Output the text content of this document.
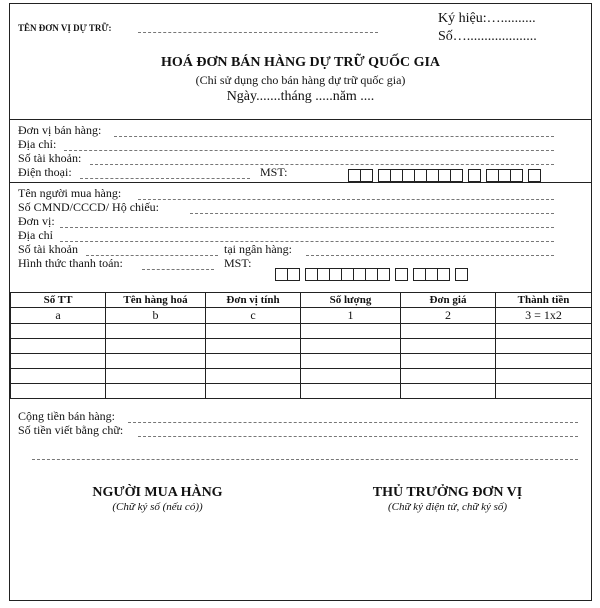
TÊN ĐƠN VỊ DỰ TRỮ:
Ký hiệu:…..........
Số…....................
HOÁ ĐƠN BÁN HÀNG DỰ TRỮ QUỐC GIA
(Chỉ sử dụng cho bán hàng dự trữ quốc gia)
Ngày.......tháng .....năm ....
Đơn vị bán hàng:
Địa chỉ:
Số tài khoản:
Điện thoại:	MST:
Tên người mua hàng:
Số CMND/CCCD/ Hộ chiếu:
Đơn vị:
Địa chỉ
Số tài khoản	tại ngân hàng:
Hình thức thanh toán:	MST:
Số TT	Tên hàng hoá	Đơn vị tính	Số lượng	Đơn giá	Thành tiền
a	b	c	1	2	3 = 1x2

Cộng tiền bán hàng:
Số tiền viết bằng chữ:
NGƯỜI MUA HÀNG
(Chữ ký số (nếu có))
THỦ TRƯỞNG ĐƠN VỊ
(Chữ ký điện tử, chữ ký số)
